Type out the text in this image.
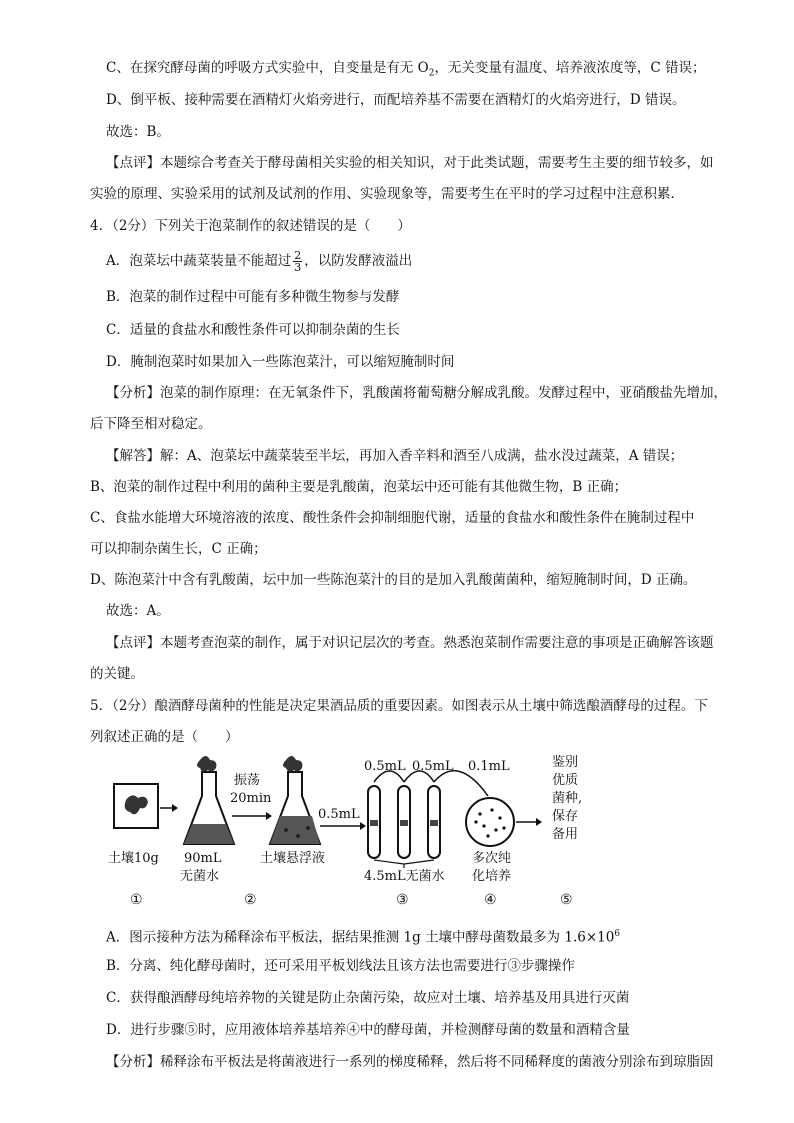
C、在探究酵母菌的呼吸方式实验中，自变量是有无 $O_2$，无关变量有温度、培养液浓度等，C 错误；
D、倒平板、接种需要在酒精灯火焰旁进行，而配培养基不需要在酒精灯的火焰旁进行，D 错误。
故选：B。
【点评】本题综合考查关于酵母菌相关实验的相关知识，对于此类试题，需要考生主要的细节较多，如
实验的原理、实验采用的试剂及试剂的作用、实验现象等，需要考生在平时的学习过程中注意积累．
4．（2分）下列关于泡菜制作的叙述错误的是（　　）
A．泡菜坛中蔬菜装量不能超过 $\frac{2}{3}$ ，以防发酵液溢出
B．泡菜的制作过程中可能有多种微生物参与发酵
C．适量的食盐水和酸性条件可以抑制杂菌的生长
D．腌制泡菜时如果加入一些陈泡菜汁，可以缩短腌制时间
【分析】泡菜的制作原理：在无氧条件下，乳酸菌将葡萄糖分解成乳酸。发酵过程中，亚硝酸盐先增加，
后下降至相对稳定。
【解答】解：A、泡菜坛中蔬菜装至半坛，再加入香辛料和酒至八成满，盐水没过蔬菜，A 错误；
B、泡菜的制作过程中利用的菌种主要是乳酸菌，泡菜坛中还可能有其他微生物，B 正确；
C、食盐水能增大环境溶液的浓度、酸性条件会抑制细胞代谢，适量的食盐水和酸性条件在腌制过程中
可以抑制杂菌生长，C 正确；
D、陈泡菜汁中含有乳酸菌，坛中加一些陈泡菜汁的目的是加入乳酸菌菌种，缩短腌制时间，D 正确。
故选：A。
【点评】本题考查泡菜的制作，属于对识记层次的考查。熟悉泡菜制作需要注意的事项是正确解答该题
的关键。
5．（2分）酿酒酵母菌种的性能是决定果酒品质的重要因素。如图表示从土壤中筛选酿酒酵母的过程。下
列叙述正确的是（　　）
土壤10g 90mL
无菌水
振荡
20min
土壤悬浮液
0.5mL
0.5mL 0.5mL 0.1mL
4.5mL无菌水
多次纯
化培养
鉴别
优质
菌种,
保存
备用
①	②	③	④	⑤
A．图示接种方法为稀释涂布平板法，据结果推测 1g 土壤中酵母菌数最多为 $1.6\times 10^6$
B．分离、纯化酵母菌时，还可采用平板划线法且该方法也需要进行③步骤操作
C．获得酿酒酵母纯培养物的关键是防止杂菌污染，故应对土壤、培养基及用具进行灭菌
D．进行步骤⑤时，应用液体培养基培养④中的酵母菌，并检测酵母菌的数量和酒精含量
【分析】稀释涂布平板法是将菌液进行一系列的梯度稀释，然后将不同稀释度的菌液分别涂布到琼脂固
